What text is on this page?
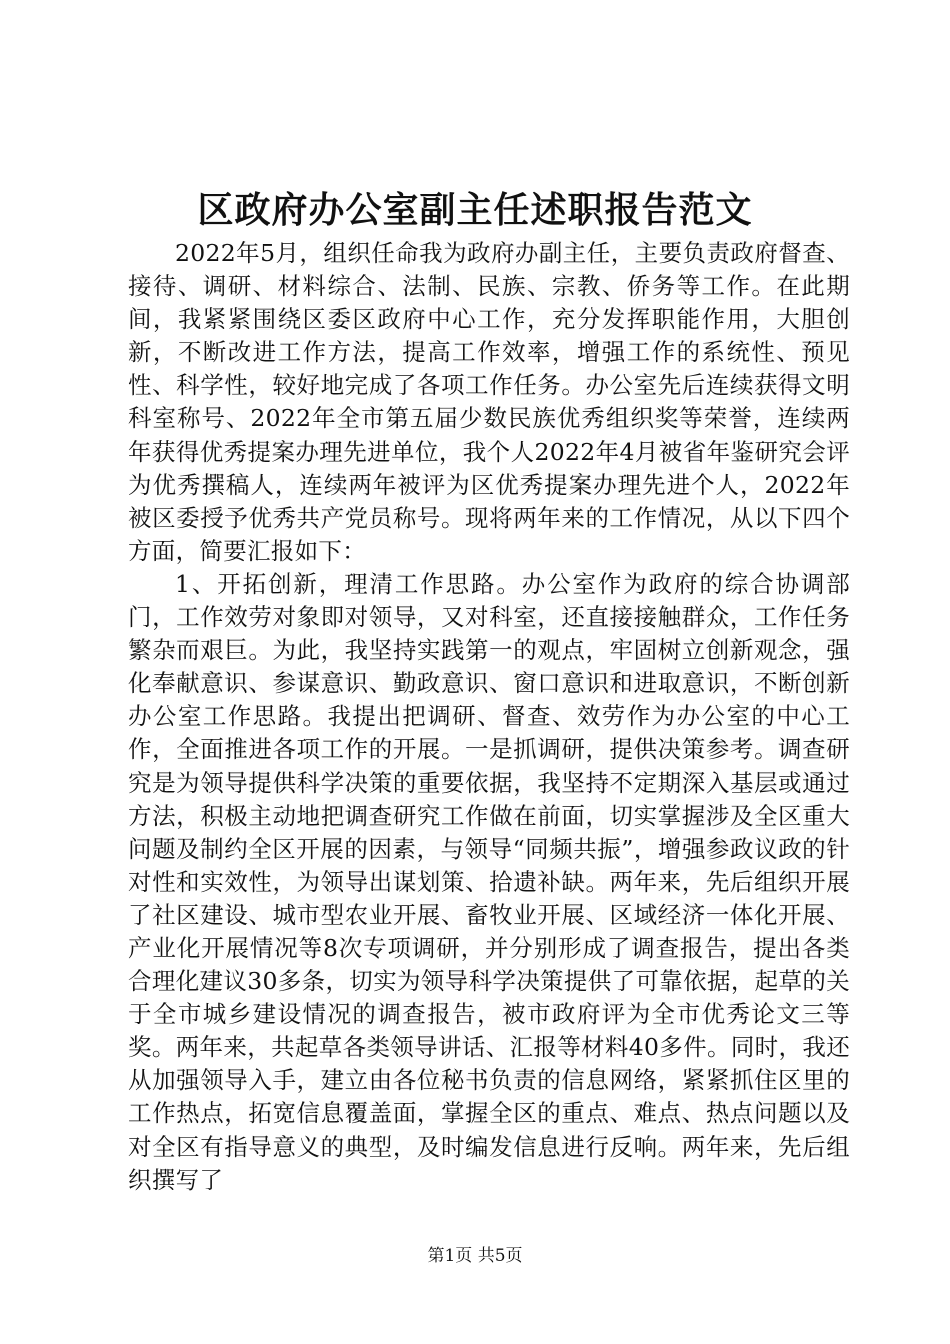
区政府办公室副主任述职报告范文

2022年5月，组织任命我为政府办副主任，主要负责政府督查、接待、调研、材料综合、法制、民族、宗教、侨务等工作。在此期间，我紧紧围绕区委区政府中心工作，充分发挥职能作用，大胆创新，不断改进工作方法，提高工作效率，增强工作的系统性、预见性、科学性，较好地完成了各项工作任务。办公室先后连续获得文明科室称号、2022年全市第五届少数民族优秀组织奖等荣誉，连续两年获得优秀提案办理先进单位，我个人2022年4月被省年鉴研究会评为优秀撰稿人，连续两年被评为区优秀提案办理先进个人，2022年被区委授予优秀共产党员称号。现将两年来的工作情况，从以下四个方面，简要汇报如下：

1、开拓创新，理清工作思路。办公室作为政府的综合协调部门，工作效劳对象即对领导，又对科室，还直接接触群众，工作任务繁杂而艰巨。为此，我坚持实践第一的观点，牢固树立创新观念，强化奉献意识、参谋意识、勤政意识、窗口意识和进取意识，不断创新办公室工作思路。我提出把调研、督查、效劳作为办公室的中心工作，全面推进各项工作的开展。一是抓调研，提供决策参考。调查研究是为领导提供科学决策的重要依据，我坚持不定期深入基层或通过　　方法，积极主动地把调查研究工作做在前面，切实掌握涉及全区重大问题及制约全区开展的因素，与领导“同频共振”，增强参政议政的针对性和实效性，为领导出谋划策、拾遗补缺。两年来，先后组织开展了社区建设、城市型农业开展、畜牧业开展、区域经济一体化开展、产业化开展情况等8次专项调研，并分别形成了调查报告，提出各类合理化建议30多条，切实为领导科学决策提供了可靠依据，起草的关于全市城乡建设情况的调查报告，被市政府评为全市优秀论文三等奖。两年来，共起草各类领导讲话、汇报等材料40多件。同时，我还从加强领导入手，建立由各位秘书负责的信息网络，紧紧抓住区里的工作热点，拓宽信息覆盖面，掌握全区的重点、难点、热点问题以及对全区有指导意义的典型，及时编发信息进行反响。两年来，先后组织撰写了

第1页 共5页
